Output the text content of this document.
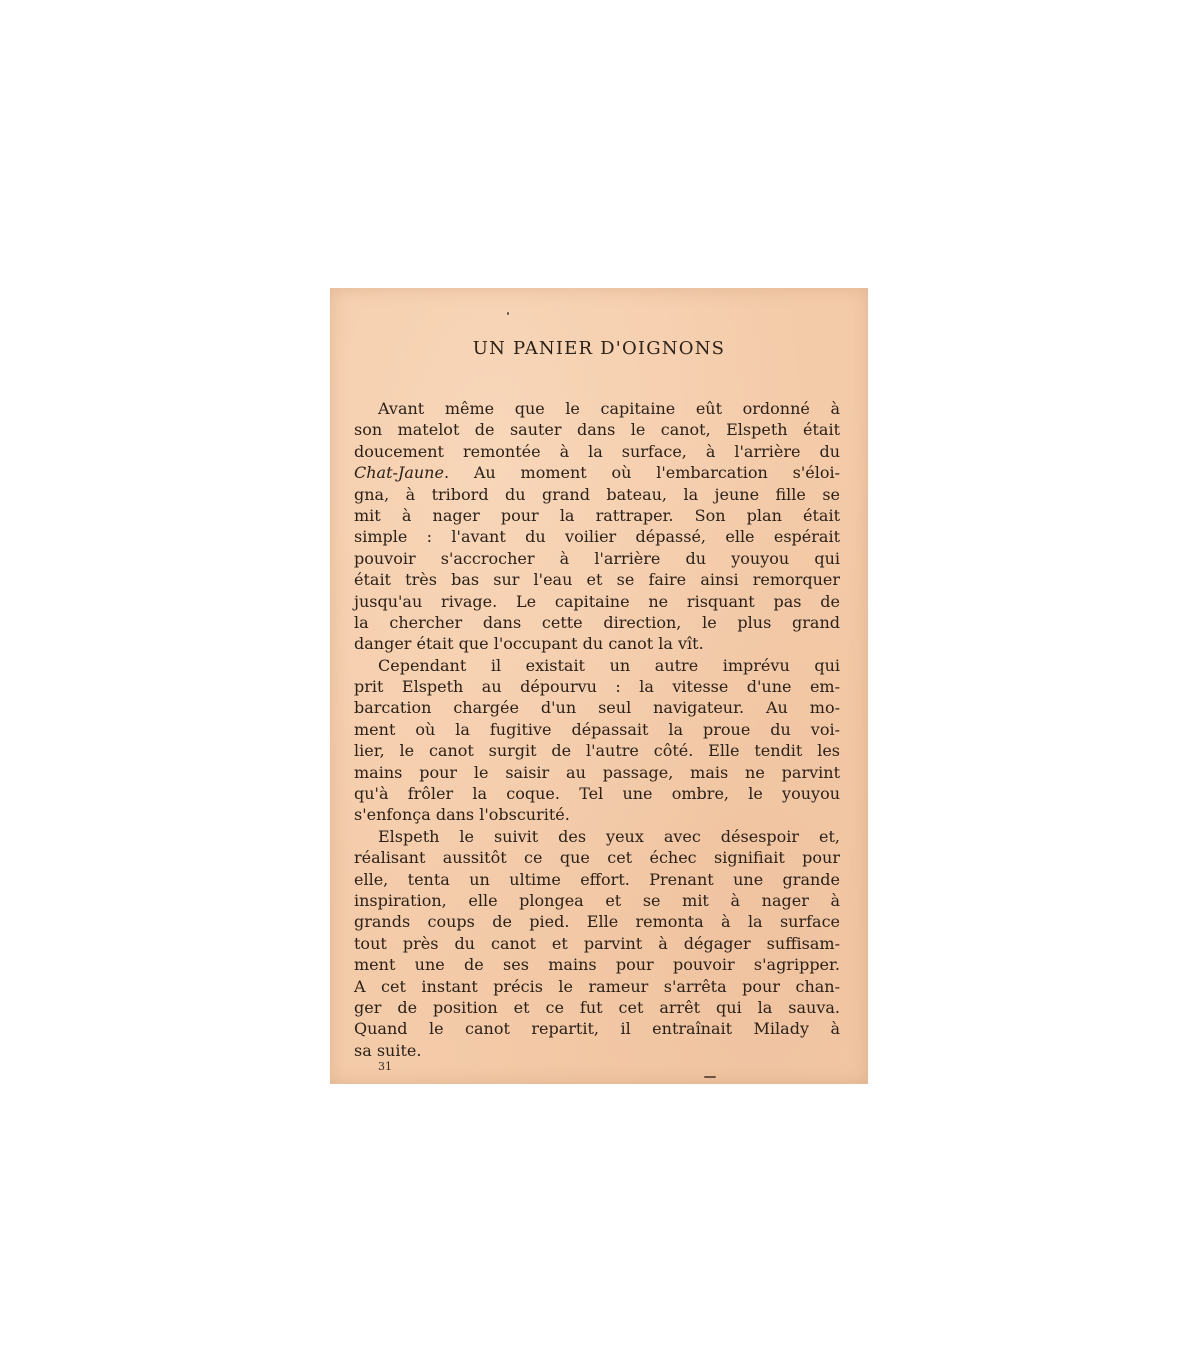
UN PANIER D'OIGNONS

Avant même que le capitaine eût ordonné à
son matelot de sauter dans le canot, Elspeth était
doucement remontée à la surface, à l'arrière du
Chat-Jaune. Au moment où l'embarcation s'éloi-
gna, à tribord du grand bateau, la jeune fille se
mit à nager pour la rattraper. Son plan était
simple : l'avant du voilier dépassé, elle espérait
pouvoir s'accrocher à l'arrière du youyou qui
était très bas sur l'eau et se faire ainsi remorquer
jusqu'au rivage. Le capitaine ne risquant pas de
la chercher dans cette direction, le plus grand
danger était que l'occupant du canot la vît.

Cependant il existait un autre imprévu qui
prit Elspeth au dépourvu : la vitesse d'une em-
barcation chargée d'un seul navigateur. Au mo-
ment où la fugitive dépassait la proue du voi-
lier, le canot surgit de l'autre côté. Elle tendit les
mains pour le saisir au passage, mais ne parvint
qu'à frôler la coque. Tel une ombre, le youyou
s'enfonça dans l'obscurité.

Elspeth le suivit des yeux avec désespoir et,
réalisant aussitôt ce que cet échec signifiait pour
elle, tenta un ultime effort. Prenant une grande
inspiration, elle plongea et se mit à nager à
grands coups de pied. Elle remonta à la surface
tout près du canot et parvint à dégager suffisam-
ment une de ses mains pour pouvoir s'agripper.
A cet instant précis le rameur s'arrêta pour chan-
ger de position et ce fut cet arrêt qui la sauva.
Quand le canot repartit, il entraînait Milady à
sa suite.

31
